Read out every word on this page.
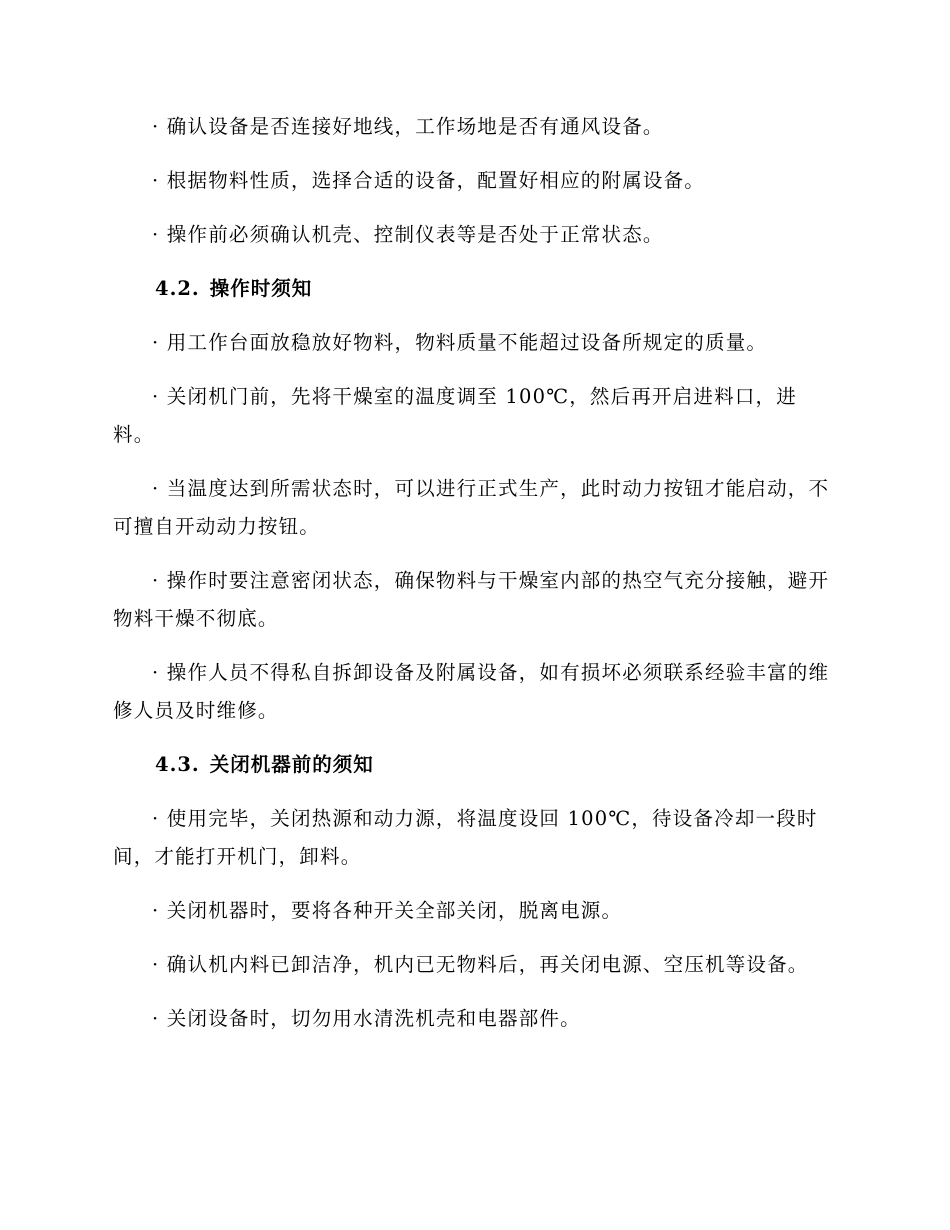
· 确认设备是否连接好地线，工作场地是否有通风设备。

· 根据物料性质，选择合适的设备，配置好相应的附属设备。

· 操作前必须确认机壳、控制仪表等是否处于正常状态。

4.2. 操作时须知

· 用工作台面放稳放好物料，物料质量不能超过设备所规定的质量。

· 关闭机门前，先将干燥室的温度调至 100℃，然后再开启进料口，进料。

· 当温度达到所需状态时，可以进行正式生产，此时动力按钮才能启动，不可擅自开动动力按钮。

· 操作时要注意密闭状态，确保物料与干燥室内部的热空气充分接触，避开物料干燥不彻底。

· 操作人员不得私自拆卸设备及附属设备，如有损坏必须联系经验丰富的维修人员及时维修。

4.3. 关闭机器前的须知

· 使用完毕，关闭热源和动力源，将温度设回 100℃，待设备冷却一段时间，才能打开机门，卸料。

· 关闭机器时，要将各种开关全部关闭，脱离电源。

· 确认机内料已卸洁净，机内已无物料后，再关闭电源、空压机等设备。

· 关闭设备时，切勿用水清洗机壳和电器部件。
